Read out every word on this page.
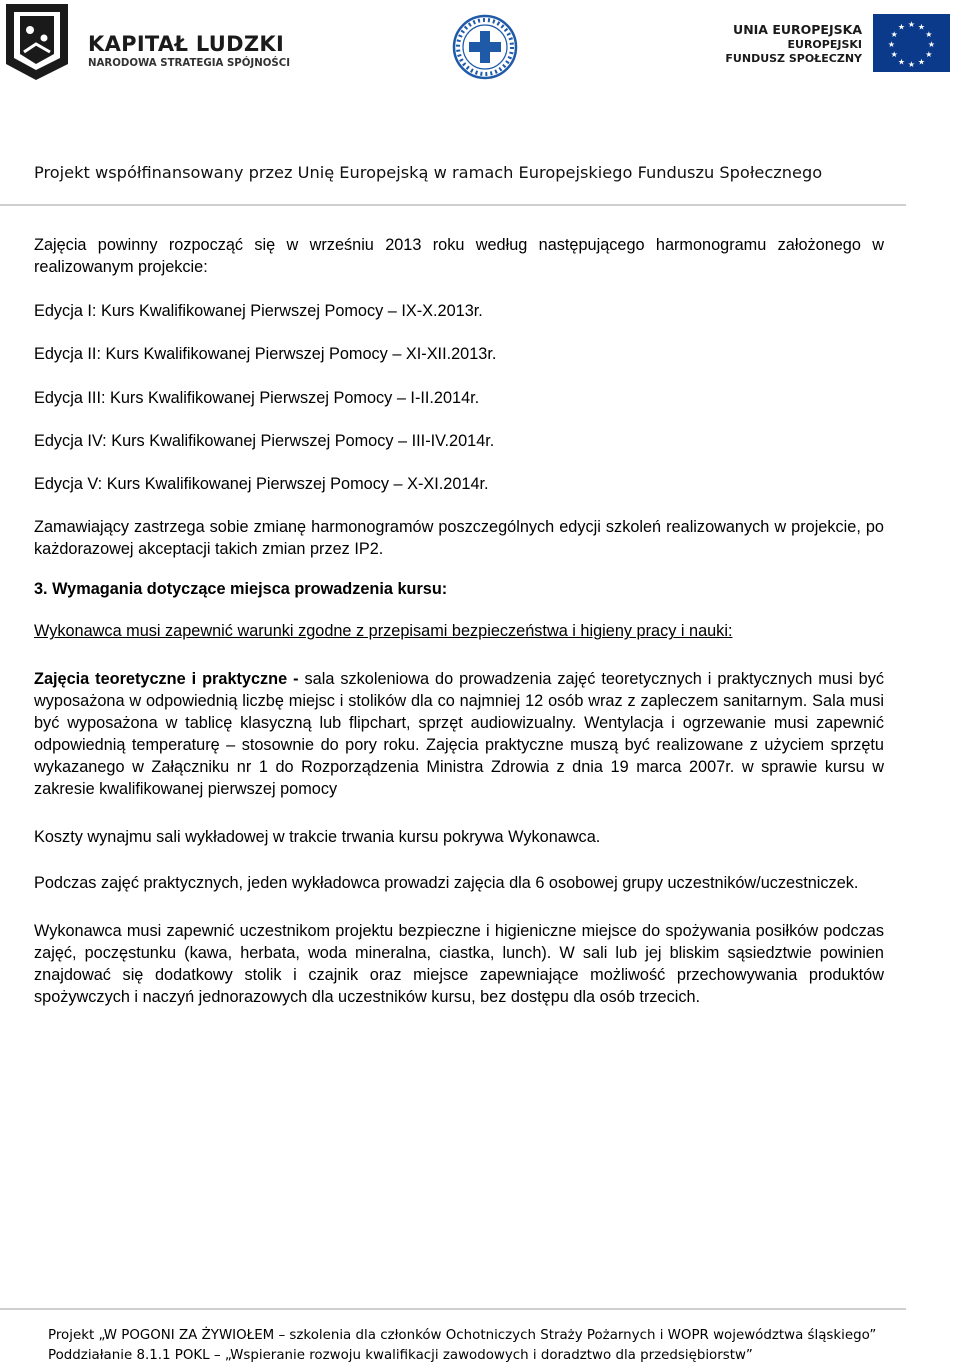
KAPITAŁ LUDZKI
NARODOWA STRATEGIA SPÓJNOŚCI
UNIA EUROPEJSKA
EUROPEJSKI
FUNDUSZ SPOŁECZNY
★ ★
★
★
★
★
★
★
★
★
★
★
Projekt współfinansowany przez Unię Europejską w ramach Europejskiego Funduszu Społecznego

Zajęcia powinny rozpocząć się w wrześniu 2013 roku według następującego harmonogramu założonego w realizowanym projekcie:

Edycja I: Kurs Kwalifikowanej Pierwszej Pomocy – IX-X.2013r.

Edycja II: Kurs Kwalifikowanej Pierwszej Pomocy – XI-XII.2013r.

Edycja III: Kurs Kwalifikowanej Pierwszej Pomocy – I-II.2014r.

Edycja IV: Kurs Kwalifikowanej Pierwszej Pomocy – III-IV.2014r.

Edycja V: Kurs Kwalifikowanej Pierwszej Pomocy – X-XI.2014r.

Zamawiający zastrzega sobie zmianę harmonogramów poszczególnych edycji szkoleń realizowanych w projekcie, po każdorazowej akceptacji takich zmian przez IP2.

3. Wymagania dotyczące miejsca prowadzenia kursu:

Wykonawca musi zapewnić warunki zgodne z przepisami bezpieczeństwa i higieny pracy i nauki:

Zajęcia teoretyczne i praktyczne - sala szkoleniowa do prowadzenia zajęć teoretycznych i praktycznych musi być wyposażona w odpowiednią liczbę miejsc i stolików dla co najmniej 12 osób wraz z zapleczem sanitarnym. Sala musi być wyposażona w tablicę klasyczną lub flipchart, sprzęt audiowizualny. Wentylacja i ogrzewanie musi zapewnić odpowiednią temperaturę – stosownie do pory roku. Zajęcia praktyczne muszą być realizowane z użyciem sprzętu wykazanego w Załączniku nr 1 do Rozporządzenia Ministra Zdrowia z dnia 19 marca 2007r. w sprawie kursu w zakresie kwalifikowanej pierwszej pomocy

Koszty wynajmu sali wykładowej w trakcie trwania kursu pokrywa Wykonawca.

Podczas zajęć praktycznych, jeden wykładowca prowadzi zajęcia dla 6 osobowej grupy uczestników/uczestniczek.

Wykonawca musi zapewnić uczestnikom projektu bezpieczne i higieniczne miejsce do spożywania posiłków podczas zajęć, poczęstunku (kawa, herbata, woda mineralna, ciastka, lunch). W sali lub jej bliskim sąsiedztwie powinien znajdować się dodatkowy stolik i czajnik oraz miejsce zapewniające możliwość przechowywania produktów spożywczych i naczyń jednorazowych dla uczestników kursu, bez dostępu dla osób trzecich.

Projekt „W POGONI ZA ŻYWIOŁEM – szkolenia dla członków Ochotniczych Straży Pożarnych i WOPR województwa śląskiego”
Poddziałanie 8.1.1 POKL – „Wspieranie rozwoju kwalifikacji zawodowych i doradztwo dla przedsiębiorstw”
